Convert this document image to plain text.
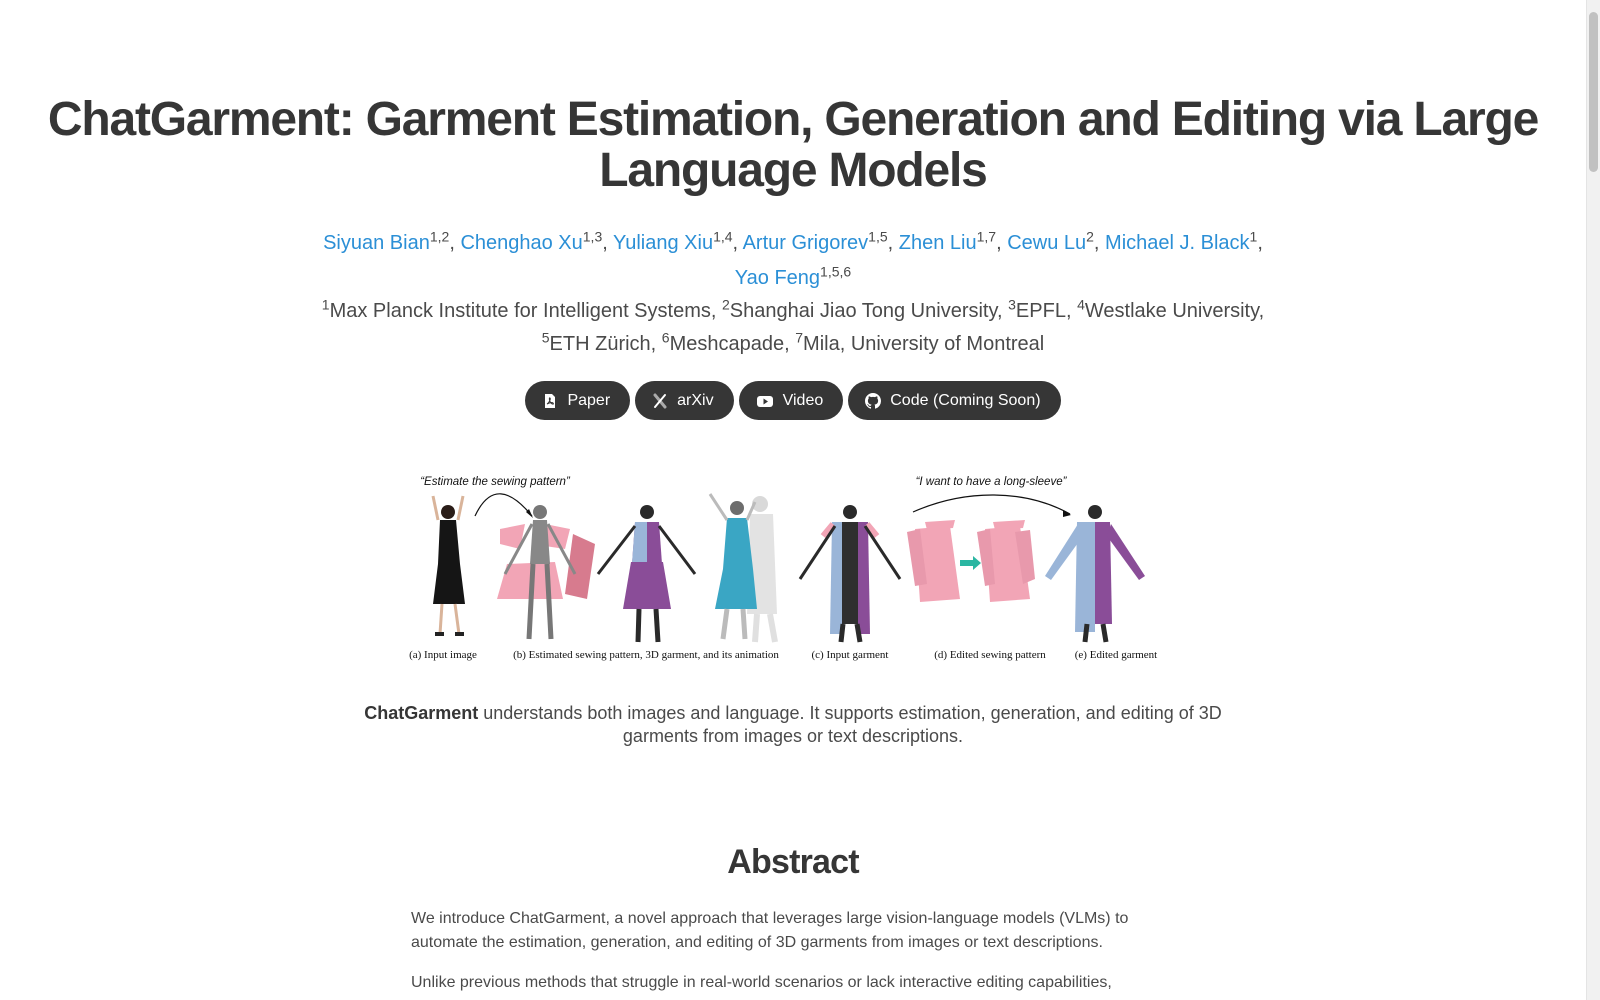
ChatGarment: Garment Estimation, Generation and Editing via Large Language Models
Siyuan Bian$^{1,2}$, Chenghao Xu$^{1,3}$, Yuliang Xiu$^{1,4}$, Artur Grigorev$^{1,5}$, Zhen Liu$^{1,7}$, Cewu Lu$^2$, Michael J. Black$^1$,
Yao Feng$^{1,5,6}$
$^1$Max Planck Institute for Intelligent Systems, $^2$Shanghai Jiao Tong University, $^3$EPFL, $^4$Westlake University,
$^5$ETH Zürich, $^6$Meshcapade, $^7$Mila, University of Montreal
Paper	arXiv	Video	Code (Coming Soon)
“Estimate the sewing pattern”	“I want to have a long-sleeve”
(a) Input image	(b) Estimated sewing pattern, 3D garment, and its animation	(c) Input garment	(d) Edited sewing pattern	(e) Edited garment

ChatGarment understands both images and language. It supports estimation, generation, and editing of 3D garments from images or text descriptions.

Abstract

We introduce ChatGarment, a novel approach that leverages large vision-language models (VLMs) to automate the estimation, generation, and editing of 3D garments from images or text descriptions.

Unlike previous methods that struggle in real-world scenarios or lack interactive editing capabilities,
